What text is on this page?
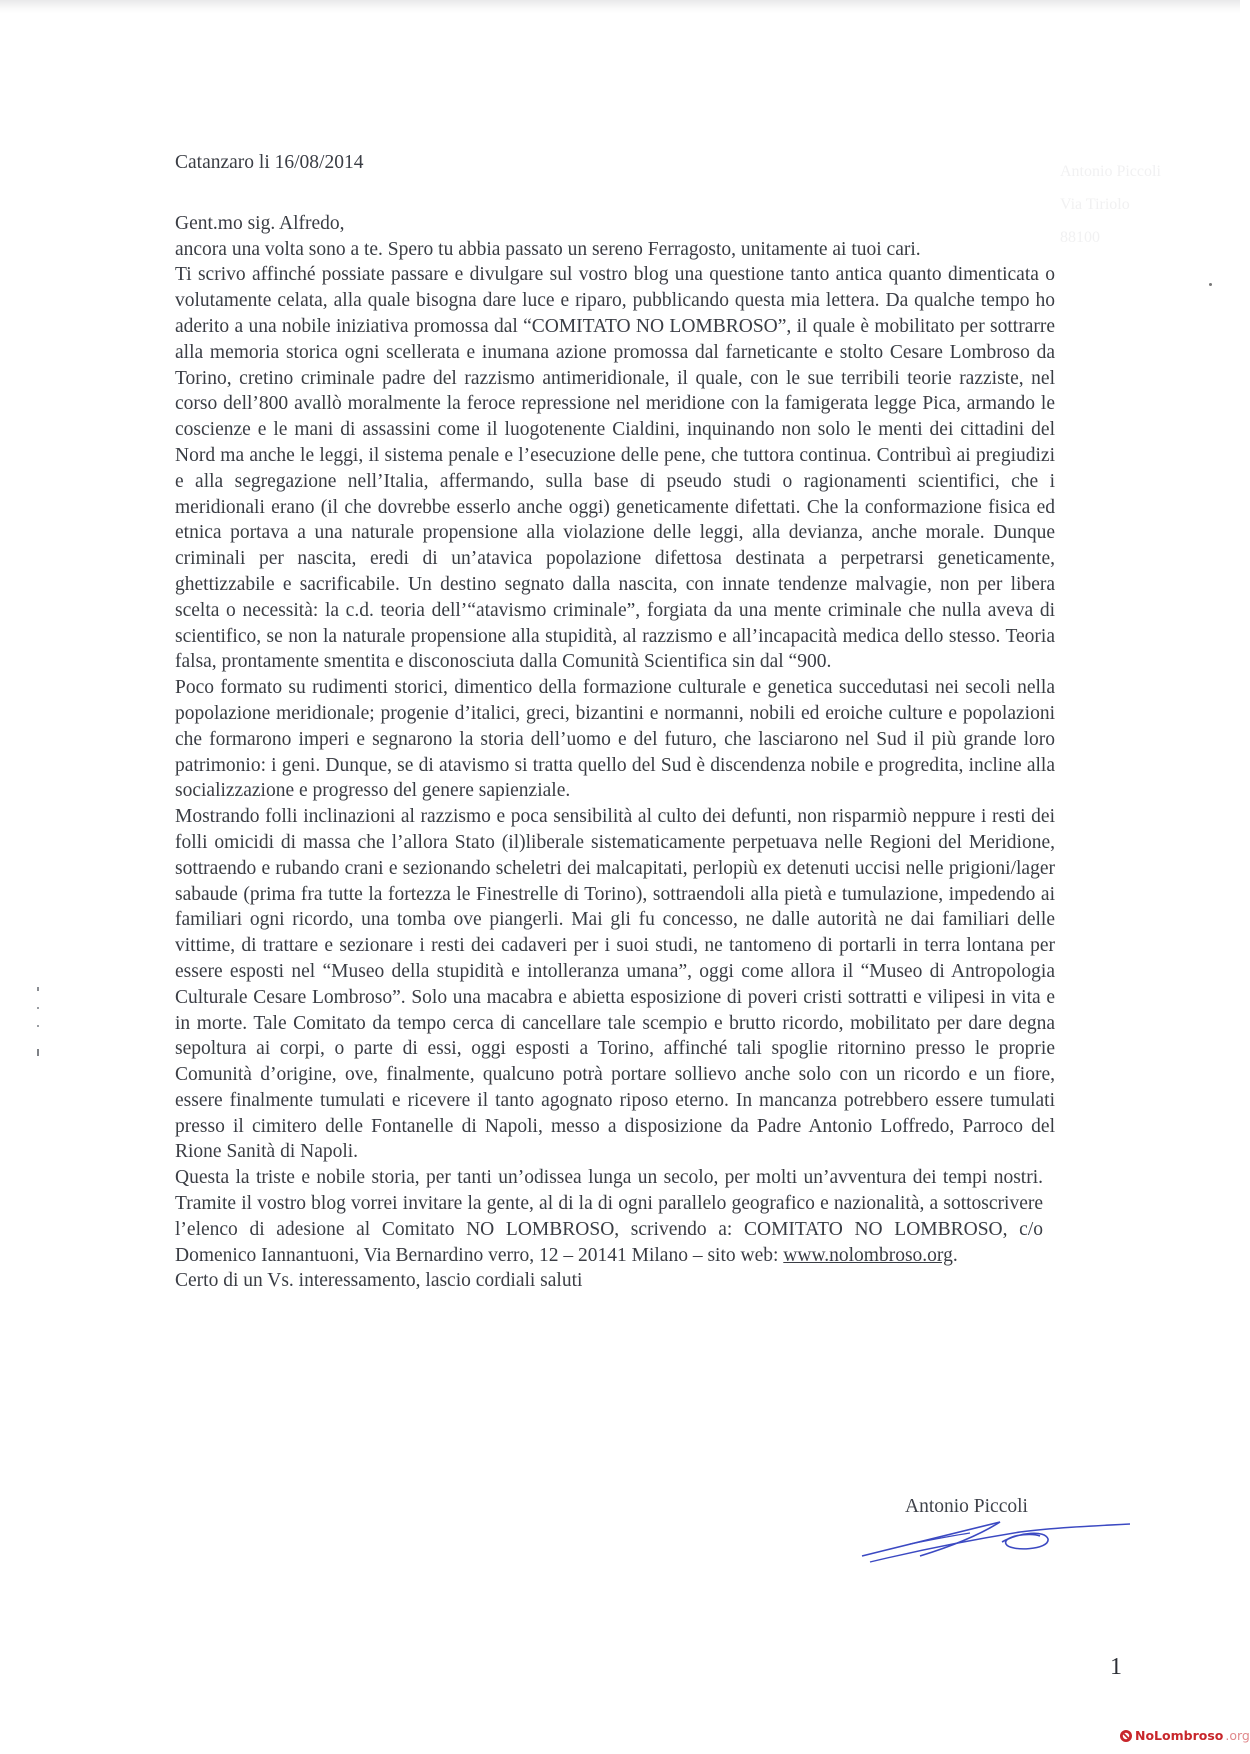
Antonio Piccoli
Via Tiriolo
88100

Catanzaro li 16/08/2014

Gent.mo sig. Alfredo,

ancora una volta sono a te. Spero tu abbia passato un sereno Ferragosto, unitamente ai tuoi cari.

Ti scrivo affinché possiate passare e divulgare sul vostro blog una questione tanto antica quanto dimenticata o volutamente celata, alla quale bisogna dare luce e riparo, pubblicando questa mia lettera. Da qualche tempo ho aderito a una nobile iniziativa promossa dal “COMITATO NO LOMBROSO”, il quale è mobilitato per sottrarre alla memoria storica ogni scellerata e inumana azione promossa dal farneticante e stolto Cesare Lombroso da Torino, cretino criminale padre del razzismo antimeridionale, il quale, con le sue terribili teorie razziste, nel corso dell’800 avallò moralmente la feroce repressione nel meridione con la famigerata legge Pica, armando le coscienze e le mani di assassini come il luogotenente Cialdini, inquinando non solo le menti dei cittadini del Nord ma anche le leggi, il sistema penale e l’esecuzione delle pene, che tuttora continua. Contribuì ai pregiudizi e alla segregazione nell’Italia, affermando, sulla base di pseudo studi o ragionamenti scientifici, che i meridionali erano (il che dovrebbe esserlo anche oggi) geneticamente difettati. Che la conformazione fisica ed etnica portava a una naturale propensione alla violazione delle leggi, alla devianza, anche morale. Dunque criminali per nascita, eredi di un’atavica popolazione difettosa destinata a perpetrarsi geneticamente, ghettizzabile e sacrificabile. Un destino segnato dalla nascita, con innate tendenze malvagie, non per libera scelta o necessità: la c.d. teoria dell’“atavismo criminale”, forgiata da una mente criminale che nulla aveva di scientifico, se non la naturale propensione alla stupidità, al razzismo e all’incapacità medica dello stesso. Teoria falsa, prontamente smentita e disconosciuta dalla Comunità Scientifica sin dal “900.

Poco formato su rudimenti storici, dimentico della formazione culturale e genetica succedutasi nei secoli nella popolazione meridionale; progenie d’italici, greci, bizantini e normanni, nobili ed eroiche culture e popolazioni che formarono imperi e segnarono la storia dell’uomo e del futuro, che lasciarono nel Sud il più grande loro patrimonio: i geni. Dunque, se di atavismo si tratta quello del Sud è discendenza nobile e progredita, incline alla socializzazione e progresso del genere sapienziale.

Mostrando folli inclinazioni al razzismo e poca sensibilità al culto dei defunti, non risparmiò neppure i resti dei folli omicidi di massa che l’allora Stato (il)liberale sistematicamente perpetuava nelle Regioni del Meridione, sottraendo e rubando crani e sezionando scheletri dei malcapitati, perlopiù ex detenuti uccisi nelle prigioni/lager sabaude (prima fra tutte la fortezza le Finestrelle di Torino), sottraendoli alla pietà e tumulazione, impedendo ai familiari ogni ricordo, una tomba ove piangerli. Mai gli fu concesso, ne dalle autorità ne dai familiari delle vittime, di trattare e sezionare i resti dei cadaveri per i suoi studi, ne tantomeno di portarli in terra lontana per essere esposti nel “Museo della stupidità e intolleranza umana”, oggi come allora il “Museo di Antropologia Culturale Cesare Lombroso”. Solo una macabra e abietta esposizione di poveri cristi sottratti e vilipesi in vita e in morte. Tale Comitato da tempo cerca di cancellare tale scempio e brutto ricordo, mobilitato per dare degna sepoltura ai corpi, o parte di essi, oggi esposti a Torino, affinché tali spoglie ritornino presso le proprie Comunità d’origine, ove, finalmente, qualcuno potrà portare sollievo anche solo con un ricordo e un fiore, essere finalmente tumulati e ricevere il tanto agognato riposo eterno. In mancanza potrebbero essere tumulati presso il cimitero delle Fontanelle di Napoli, messo a disposizione da Padre Antonio Loffredo, Parroco del Rione Sanità di Napoli.

Questa la triste e nobile storia, per tanti un’odissea lunga un secolo, per molti un’avventura dei tempi nostri. Tramite il vostro blog vorrei invitare la gente, al di la di ogni parallelo geografico e nazionalità, a sottoscrivere l’elenco di adesione al Comitato NO LOMBROSO, scrivendo a: COMITATO NO LOMBROSO, c/o Domenico Iannantuoni, Via Bernardino verro, 12 – 20141 Milano – sito web: www.nolombroso.org.

Certo di un Vs. interessamento, lascio cordiali saluti

Antonio Piccoli
1
NoLombroso .org
